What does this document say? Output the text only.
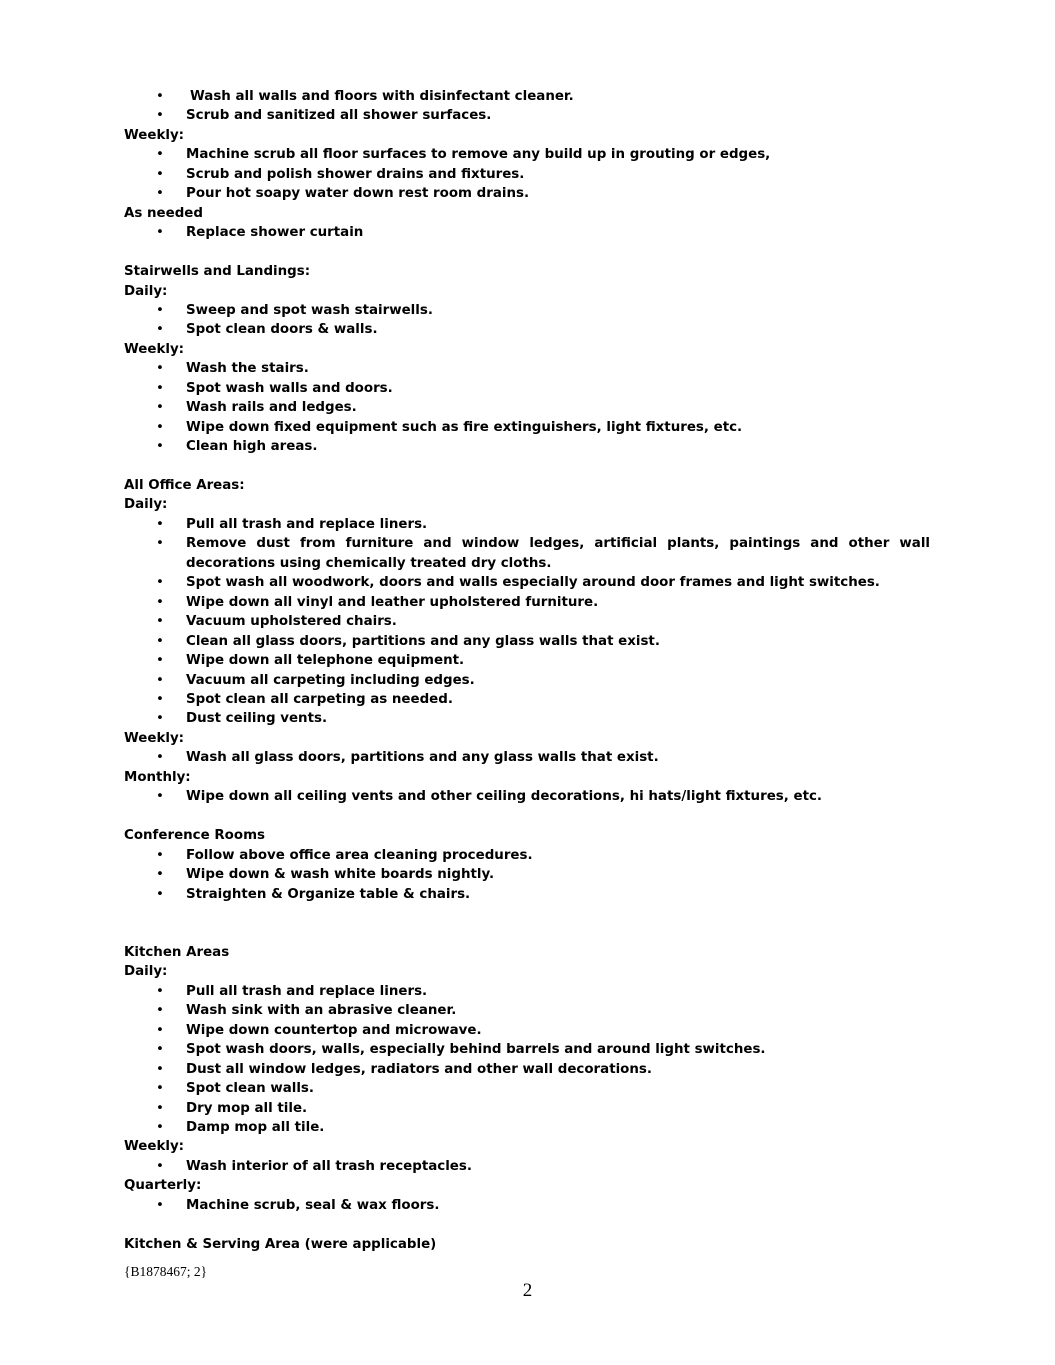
• Wash all walls and floors with disinfectant cleaner.
• Scrub and sanitized all shower surfaces.
Weekly:
• Machine scrub all floor surfaces to remove any build up in grouting or edges,
• Scrub and polish shower drains and fixtures.
• Pour hot soapy water down rest room drains.
As needed
• Replace shower curtain
Stairwells and Landings:
Daily:
• Sweep and spot wash stairwells.
• Spot clean doors & walls.
Weekly:
• Wash the stairs.
• Spot wash walls and doors.
• Wash rails and ledges.
• Wipe down fixed equipment such as fire extinguishers, light fixtures, etc.
• Clean high areas.
All Office Areas:
Daily:
• Pull all trash and replace liners.
• Remove dust from furniture and window ledges, artificial plants, paintings and other wall decorations using chemically treated dry cloths.
• Spot wash all woodwork, doors and walls especially around door frames and light switches.
• Wipe down all vinyl and leather upholstered furniture.
• Vacuum upholstered chairs.
• Clean all glass doors, partitions and any glass walls that exist.
• Wipe down all telephone equipment.
• Vacuum all carpeting including edges.
• Spot clean all carpeting as needed.
• Dust ceiling vents.
Weekly:
• Wash all glass doors, partitions and any glass walls that exist.
Monthly:
• Wipe down all ceiling vents and other ceiling decorations, hi hats/light fixtures, etc.
Conference Rooms
• Follow above office area cleaning procedures.
• Wipe down & wash white boards nightly.
• Straighten & Organize table & chairs.
Kitchen Areas
Daily:
• Pull all trash and replace liners.
• Wash sink with an abrasive cleaner.
• Wipe down countertop and microwave.
• Spot wash doors, walls, especially behind barrels and around light switches.
• Dust all window ledges, radiators and other wall decorations.
• Spot clean walls.
• Dry mop all tile.
• Damp mop all tile.
Weekly:
• Wash interior of all trash receptacles.
Quarterly:
• Machine scrub, seal & wax floors.
Kitchen & Serving Area (were applicable)
{B1878467; 2}
2
